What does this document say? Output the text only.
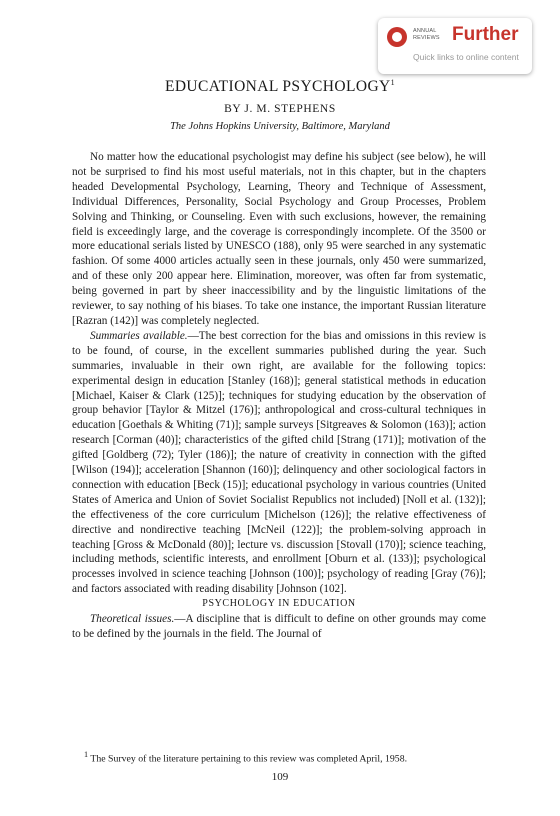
ANNUAL REVIEWS Further
Quick links to online content
EDUCATIONAL PSYCHOLOGY$^1$
BY J. M. STEPHENS
The Johns Hopkins University, Baltimore, Maryland

No matter how the educational psychologist may define his subject (see below), he will not be surprised to find his most useful materials, not in this chapter, but in the chapters headed Developmental Psychology, Learning, Theory and Technique of Assessment, Individual Differences, Personality, Social Psychology and Group Processes, Problem Solving and Thinking, or Counseling. Even with such exclusions, however, the remaining field is exceedingly large, and the coverage is correspondingly incomplete. Of the 3500 or more educational serials listed by UNESCO (188), only 95 were searched in any systematic fashion. Of some 4000 articles actually seen in these journals, only 450 were summarized, and of these only 200 appear here. Elimination, moreover, was often far from systematic, being governed in part by sheer inaccessibility and by the linguistic limitations of the reviewer, to say nothing of his biases. To take one instance, the important Russian literature [Razran (142)] was completely neglected.

Summaries available.—The best correction for the bias and omissions in this review is to be found, of course, in the excellent summaries published during the year. Such summaries, invaluable in their own right, are available for the following topics: experimental design in education [Stanley (168)]; general statistical methods in education [Michael, Kaiser & Clark (125)]; techniques for studying education by the observation of group behavior [Taylor & Mitzel (176)]; anthropological and cross-cultural techniques in education [Goethals & Whiting (71)]; sample surveys [Sitgreaves & Solomon (163)]; action research [Corman (40)]; characteristics of the gifted child [Strang (171)]; motivation of the gifted [Goldberg (72); Tyler (186)]; the nature of creativity in connection with the gifted [Wilson (194)]; acceleration [Shannon (160)]; delinquency and other sociological factors in connection with education [Beck (15)]; educational psychology in various countries (United States of America and Union of Soviet Socialist Republics not included) [Noll et al. (132)]; the effectiveness of the core curriculum [Michelson (126)]; the relative effectiveness of directive and nondirective teaching [McNeil (122)]; the problem-solving approach in teaching [Gross & McDonald (80)]; lecture vs. discussion [Stovall (170)]; science teaching, including methods, scientific interests, and enrollment [Oburn et al. (133)]; psychological processes involved in science teaching [Johnson (100)]; psychology of reading [Gray (76)]; and factors associated with reading disability [Johnson (102].

PSYCHOLOGY IN EDUCATION

Theoretical issues.—A discipline that is difficult to define on other grounds may come to be defined by the journals in the field. The Journal of

$^1$ The Survey of the literature pertaining to this review was completed April, 1958.
109
